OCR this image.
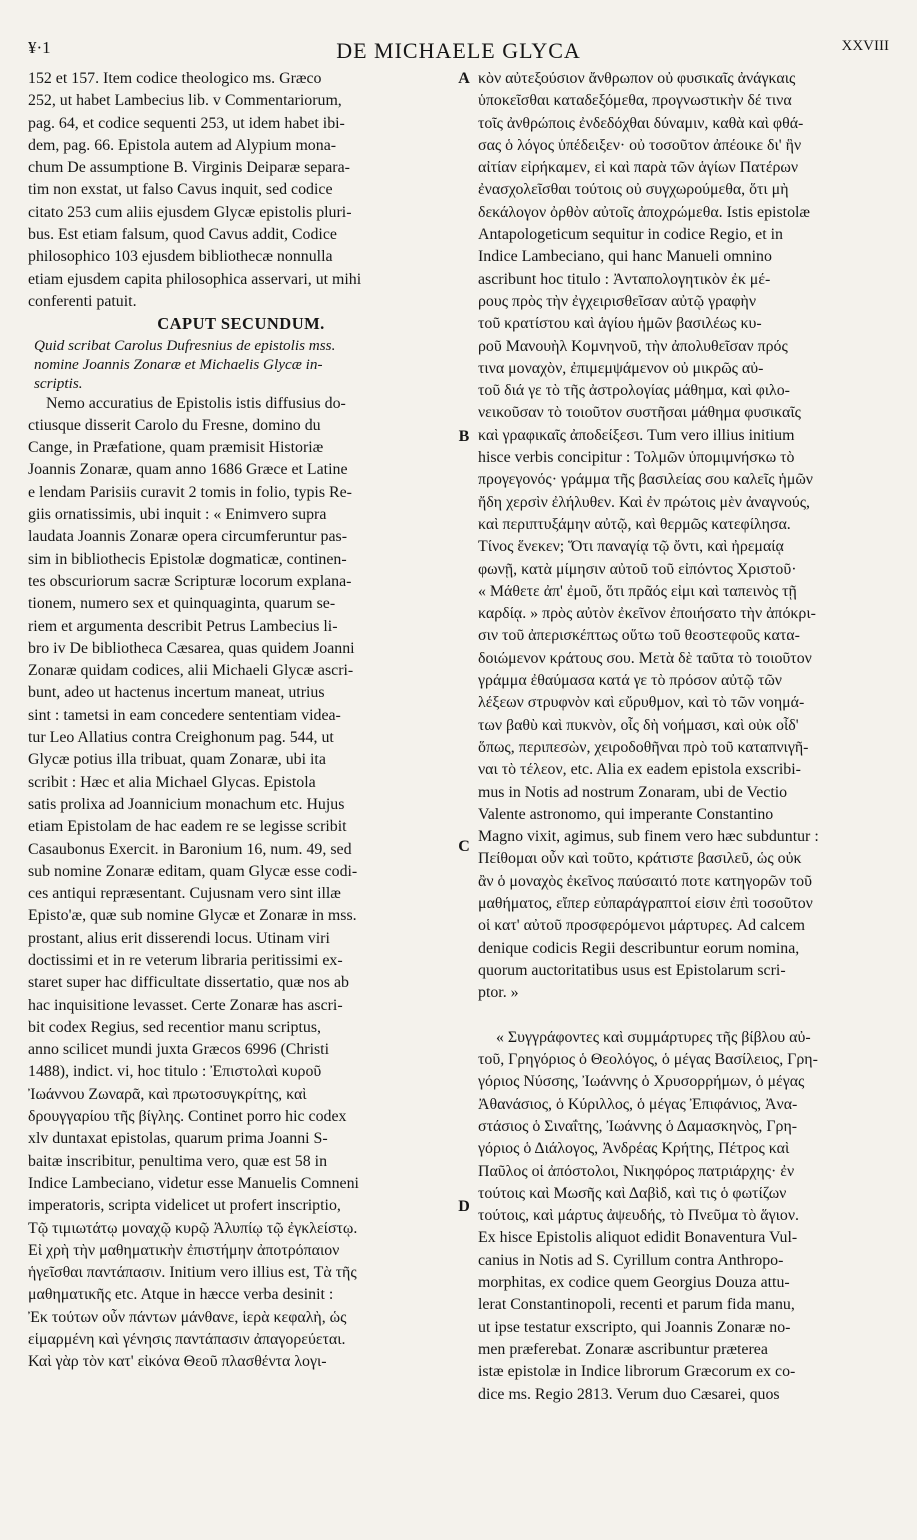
¥·1	DE MICHAELE GLYCA	XXVIII

152 et 157. Item codice theologico ms. Græco

252, ut habet Lambecius lib. v Commentariorum,

pag. 64, et codice sequenti 253, ut idem habet ibi-

dem, pag. 66. Epistola autem ad Alypium mona-

chum De assumptione B. Virginis Deiparæ separa-

tim non exstat, ut falso Cavus inquit, sed codice

citato 253 cum aliis ejusdem Glycæ epistolis pluri-

bus. Est etiam falsum, quod Cavus addit, Codice

philosophico 103 ejusdem bibliothecæ nonnulla

etiam ejusdem capita philosophica asservari, ut mihi

conferenti patuit.

CAPUT SECUNDUM.

Quid scribat Carolus Dufresnius de epistolis mss.

nomine Joannis Zonaræ et Michaelis Glycæ in-

scriptis.

Nemo accuratius de Epistolis istis diffusius do-

ctiusque disserit Carolo du Fresne, domino du

Cange, in Præfatione, quam præmisit Historiæ

Joannis Zonaræ, quam anno 1686 Græce et Latine

e lendam Parisiis curavit 2 tomis in folio, typis Re-

giis ornatissimis, ubi inquit : « Enimvero supra

laudata Joannis Zonaræ opera circumferuntur pas-

sim in bibliothecis Epistolæ dogmaticæ, continen-

tes obscuriorum sacræ Scripturæ locorum explana-

tionem, numero sex et quinquaginta, quarum se-

riem et argumenta describit Petrus Lambecius li-

bro iv De bibliotheca Cæsarea, quas quidem Joanni

Zonaræ quidam codices, alii Michaeli Glycæ ascri-

bunt, adeo ut hactenus incertum maneat, utrius

sint : tametsi in eam concedere sententiam videa-

tur Leo Allatius contra Creighonum pag. 544, ut

Glycæ potius illa tribuat, quam Zonaræ, ubi ita

scribit : Hæc et alia Michael Glycas. Epistola

satis prolixa ad Joannicium monachum etc. Hujus

etiam Epistolam de hac eadem re se legisse scribit

Casaubonus Exercit. in Baronium 16, num. 49, sed

sub nomine Zonaræ editam, quam Glycæ esse codi-

ces antiqui repræsentant. Cujusnam vero sint illæ

Episto'æ, quæ sub nomine Glycæ et Zonaræ in mss.

prostant, alius erit disserendi locus. Utinam viri

doctissimi et in re veterum libraria peritissimi ex-

staret super hac difficultate dissertatio, quæ nos ab

hac inquisitione levasset. Certe Zonaræ has ascri-

bit codex Regius, sed recentior manu scriptus,

anno scilicet mundi juxta Græcos 6996 (Christi

1488), indict. vi, hoc titulo : Ἐπιστολαὶ κυροῦ

Ἰωάννου Ζωναρᾶ, καὶ πρωτοσυγκρίτης, καὶ

δρουγγαρίου τῆς βίγλης. Continet porro hic codex

xlv duntaxat epistolas, quarum prima Joanni S-

baitæ inscribitur, penultima vero, quæ est 58 in

Indice Lambeciano, videtur esse Manuelis Comneni

imperatoris, scripta videlicet ut profert inscriptio,

Τῷ τιμιωτάτῳ μοναχῷ κυρῷ Ἀλυπίῳ τῷ ἐγκλείστῳ.

Εἰ χρὴ τὴν μαθηματικὴν ἐπιστήμην ἀποτρόπαιον

ἡγεῖσθαι παντάπασιν. Initium vero illius est, Τὰ τῆς

μαθηματικῆς etc. Atque in hæcce verba desinit :

Ἐκ τούτων οὖν πάντων μάνθανε, ἱερὰ κεφαλὴ, ὡς

εἱμαρμένη καὶ γένησις παντάπασιν ἀπαγορεύεται.

Καὶ γὰρ τὸν κατ' εἰκόνα Θεοῦ πλασθέντα λογι-

κὸν αὐτεξούσιον ἄνθρωπον οὐ φυσικαῖς ἀνάγκαις

ὑποκεῖσθαι καταδεξόμεθα, προγνωστικὴν δέ τινα

τοῖς ἀνθρώποις ἐνδεδόχθαι δύναμιν, καθὰ καὶ φθά-

σας ὁ λόγος ὑπέδειξεν· οὐ τοσοῦτον ἀπέοικε δι' ἣν

αἰτίαν εἰρήκαμεν, εἰ καὶ παρὰ τῶν ἁγίων Πατέρων

ἐνασχολεῖσθαι τούτοις οὐ συγχωρούμεθα, ὅτι μὴ

δεκάλογον ὀρθὸν αὐτοῖς ἀποχρώμεθα. Istis epistolæ

Antapologeticum sequitur in codice Regio, et in

Indice Lambeciano, qui hanc Manueli omnino

ascribunt hoc titulo : Ἀνταπολογητικὸν ἐκ μέ-

ρους πρὸς τὴν ἐγχειρισθεῖσαν αὐτῷ γραφὴν

τοῦ κρατίστου καὶ ἁγίου ἡμῶν βασιλέως κυ-

ροῦ Μανουὴλ Κομνηνοῦ, τὴν ἀπολυθεῖσαν πρός

τινα μοναχὸν, ἐπιμεμψάμενον οὐ μικρῶς αὐ-

τοῦ διά γε τὸ τῆς ἀστρολογίας μάθημα, καὶ φιλο-

νεικοῦσαν τὸ τοιοῦτον συστῆσαι μάθημα φυσικαῖς

καὶ γραφικαῖς ἀποδείξεσι. Tum vero illius initium

hisce verbis concipitur : Τολμῶν ὑπομιμνήσκω τὸ

προγεγονός· γράμμα τῆς βασιλείας σου καλεῖς ἡμῶν

ἤδη χερσὶν ἐλήλυθεν. Καὶ ἐν πρώτοις μὲν ἀναγνούς,

καὶ περιπτυξάμην αὐτῷ, καὶ θερμῶς κατεφίλησα.

Τίνος ἕνεκεν; Ὅτι παναγίᾳ τῷ ὄντι, καὶ ἠρεμαίᾳ

φωνῇ, κατὰ μίμησιν αὐτοῦ τοῦ εἰπόντος Χριστοῦ·

« Μάθετε ἀπ' ἐμοῦ, ὅτι πρᾶός εἰμι καὶ ταπεινὸς τῇ

καρδίᾳ. » πρὸς αὐτὸν ἐκεῖνον ἐποιήσατο τὴν ἀπόκρι-

σιν τοῦ ἀπερισκέπτως οὕτω τοῦ θεοστεφοῦς κατα-

δοιώμενον κράτους σου. Μετὰ δὲ ταῦτα τὸ τοιοῦτον

γράμμα ἐθαύμασα κατά γε τὸ πρόσον αὐτῷ τῶν

λέξεων στρυφνὸν καὶ εὔρυθμον, καὶ τὸ τῶν νοημά-

των βαθὺ καὶ πυκνὸν, οἷς δὴ νοήμασι, καὶ οὐκ οἶδ'

ὅπως, περιπεσὼν, χειροδοθῆναι πρὸ τοῦ καταπνιγῆ-

ναι τὸ τέλεον, etc. Alia ex eadem epistola exscribi-

mus in Notis ad nostrum Zonaram, ubi de Vectio

Valente astronomo, qui imperante Constantino

Magno vixit, agimus, sub finem vero hæc subduntur :

Πείθομαι οὖν καὶ τοῦτο, κράτιστε βασιλεῦ, ὡς οὐκ

ἂν ὁ μοναχὸς ἐκεῖνος παύσαιτό ποτε κατηγορῶν τοῦ

μαθήματος, εἴπερ εὐπαράγραπτοί εἰσιν ἐπὶ τοσοῦτον

οἱ κατ' αὐτοῦ προσφερόμενοι μάρτυρες. Ad calcem

denique codicis Regii describuntur eorum nomina,

quorum auctoritatibus usus est Epistolarum scri-

ptor. »

« Συγγράφοντες καὶ συμμάρτυρες τῆς βίβλου αὐ-

τοῦ, Γρηγόριος ὁ Θεολόγος, ὁ μέγας Βασίλειος, Γρη-

γόριος Νύσσης, Ἰωάννης ὁ Χρυσορρήμων, ὁ μέγας

Ἀθανάσιος, ὁ Κύριλλος, ὁ μέγας Ἐπιφάνιος, Ἀνα-

στάσιος ὁ Σιναΐτης, Ἰωάννης ὁ Δαμασκηνὸς, Γρη-

γόριος ὁ Διάλογος, Ἀνδρέας Κρήτης, Πέτρος καὶ

Παῦλος οἱ ἀπόστολοι, Νικηφόρος πατριάρχης· ἐν

τούτοις καὶ Μωσῆς καὶ Δαβὶδ, καὶ τις ὁ φωτίζων

τούτοις, καὶ μάρτυς ἀψευδής, τὸ Πνεῦμα τὸ ἅγιον.

Ex hisce Epistolis aliquot edidit Bonaventura Vul-

canius in Notis ad S. Cyrillum contra Anthropo-

morphitas, ex codice quem Georgius Douza attu-

lerat Constantinopoli, recenti et parum fida manu,

ut ipse testatur exscripto, qui Joannis Zonaræ no-

men præferebat. Zonaræ ascribuntur præterea

istæ epistolæ in Indice librorum Græcorum ex co-

dice ms. Regio 2813. Verum duo Cæsarei, quos

A
B
C
D
